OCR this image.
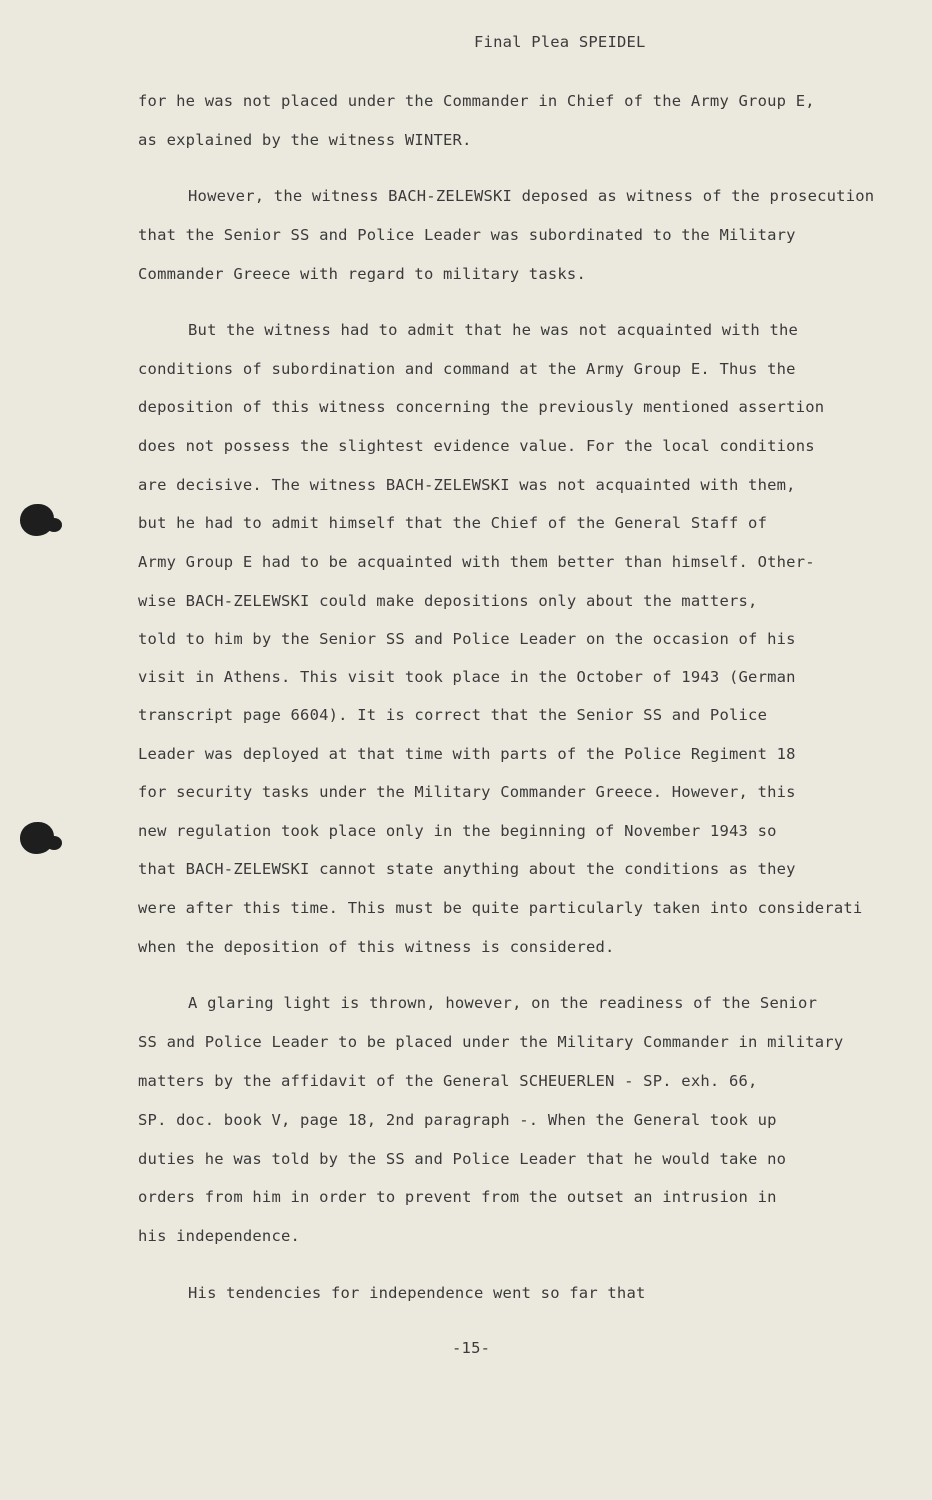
Final Plea SPEIDEL
for he was not placed under the Commander in Chief of the Army Group E,
as explained by the witness WINTER.
However, the witness BACH-ZELEWSKI deposed as witness of the prosecution
that the Senior SS and Police Leader was subordinated to the Military
Commander Greece with regard to military tasks.
But the witness had to admit that he was not acquainted with the
conditions of subordination and command at the Army Group E. Thus the
deposition of this witness concerning the previously mentioned assertion
does not possess the slightest evidence value. For the local conditions
are decisive. The witness BACH-ZELEWSKI was not acquainted with them,
but he had to admit himself that the Chief of the General Staff of
Army Group E had to be acquainted with them better than himself. Other-
wise BACH-ZELEWSKI could make depositions only about the matters,
told to him by the Senior SS and Police Leader on the occasion of his
visit in Athens. This visit took place in the October of 1943 (German
transcript page 6604). It is correct that the Senior SS and Police
Leader was deployed at that time with parts of the Police Regiment 18
for security tasks under the Military Commander Greece. However, this
new regulation took place only in the beginning of November 1943 so
that BACH-ZELEWSKI cannot state anything about the conditions as they
were after this time. This must be quite particularly taken into considerati
when the deposition of this witness is considered.
A glaring light is thrown, however, on the readiness of the Senior
SS and Police Leader to be placed under the Military Commander in military
matters by the affidavit of the General SCHEUERLEN - SP. exh. 66,
SP. doc. book V, page 18, 2nd paragraph -. When the General took up
duties he was told by the SS and Police Leader that he would take no
orders from him in order to prevent from the outset an intrusion in
his independence.
His tendencies for independence went so far that
-15-
